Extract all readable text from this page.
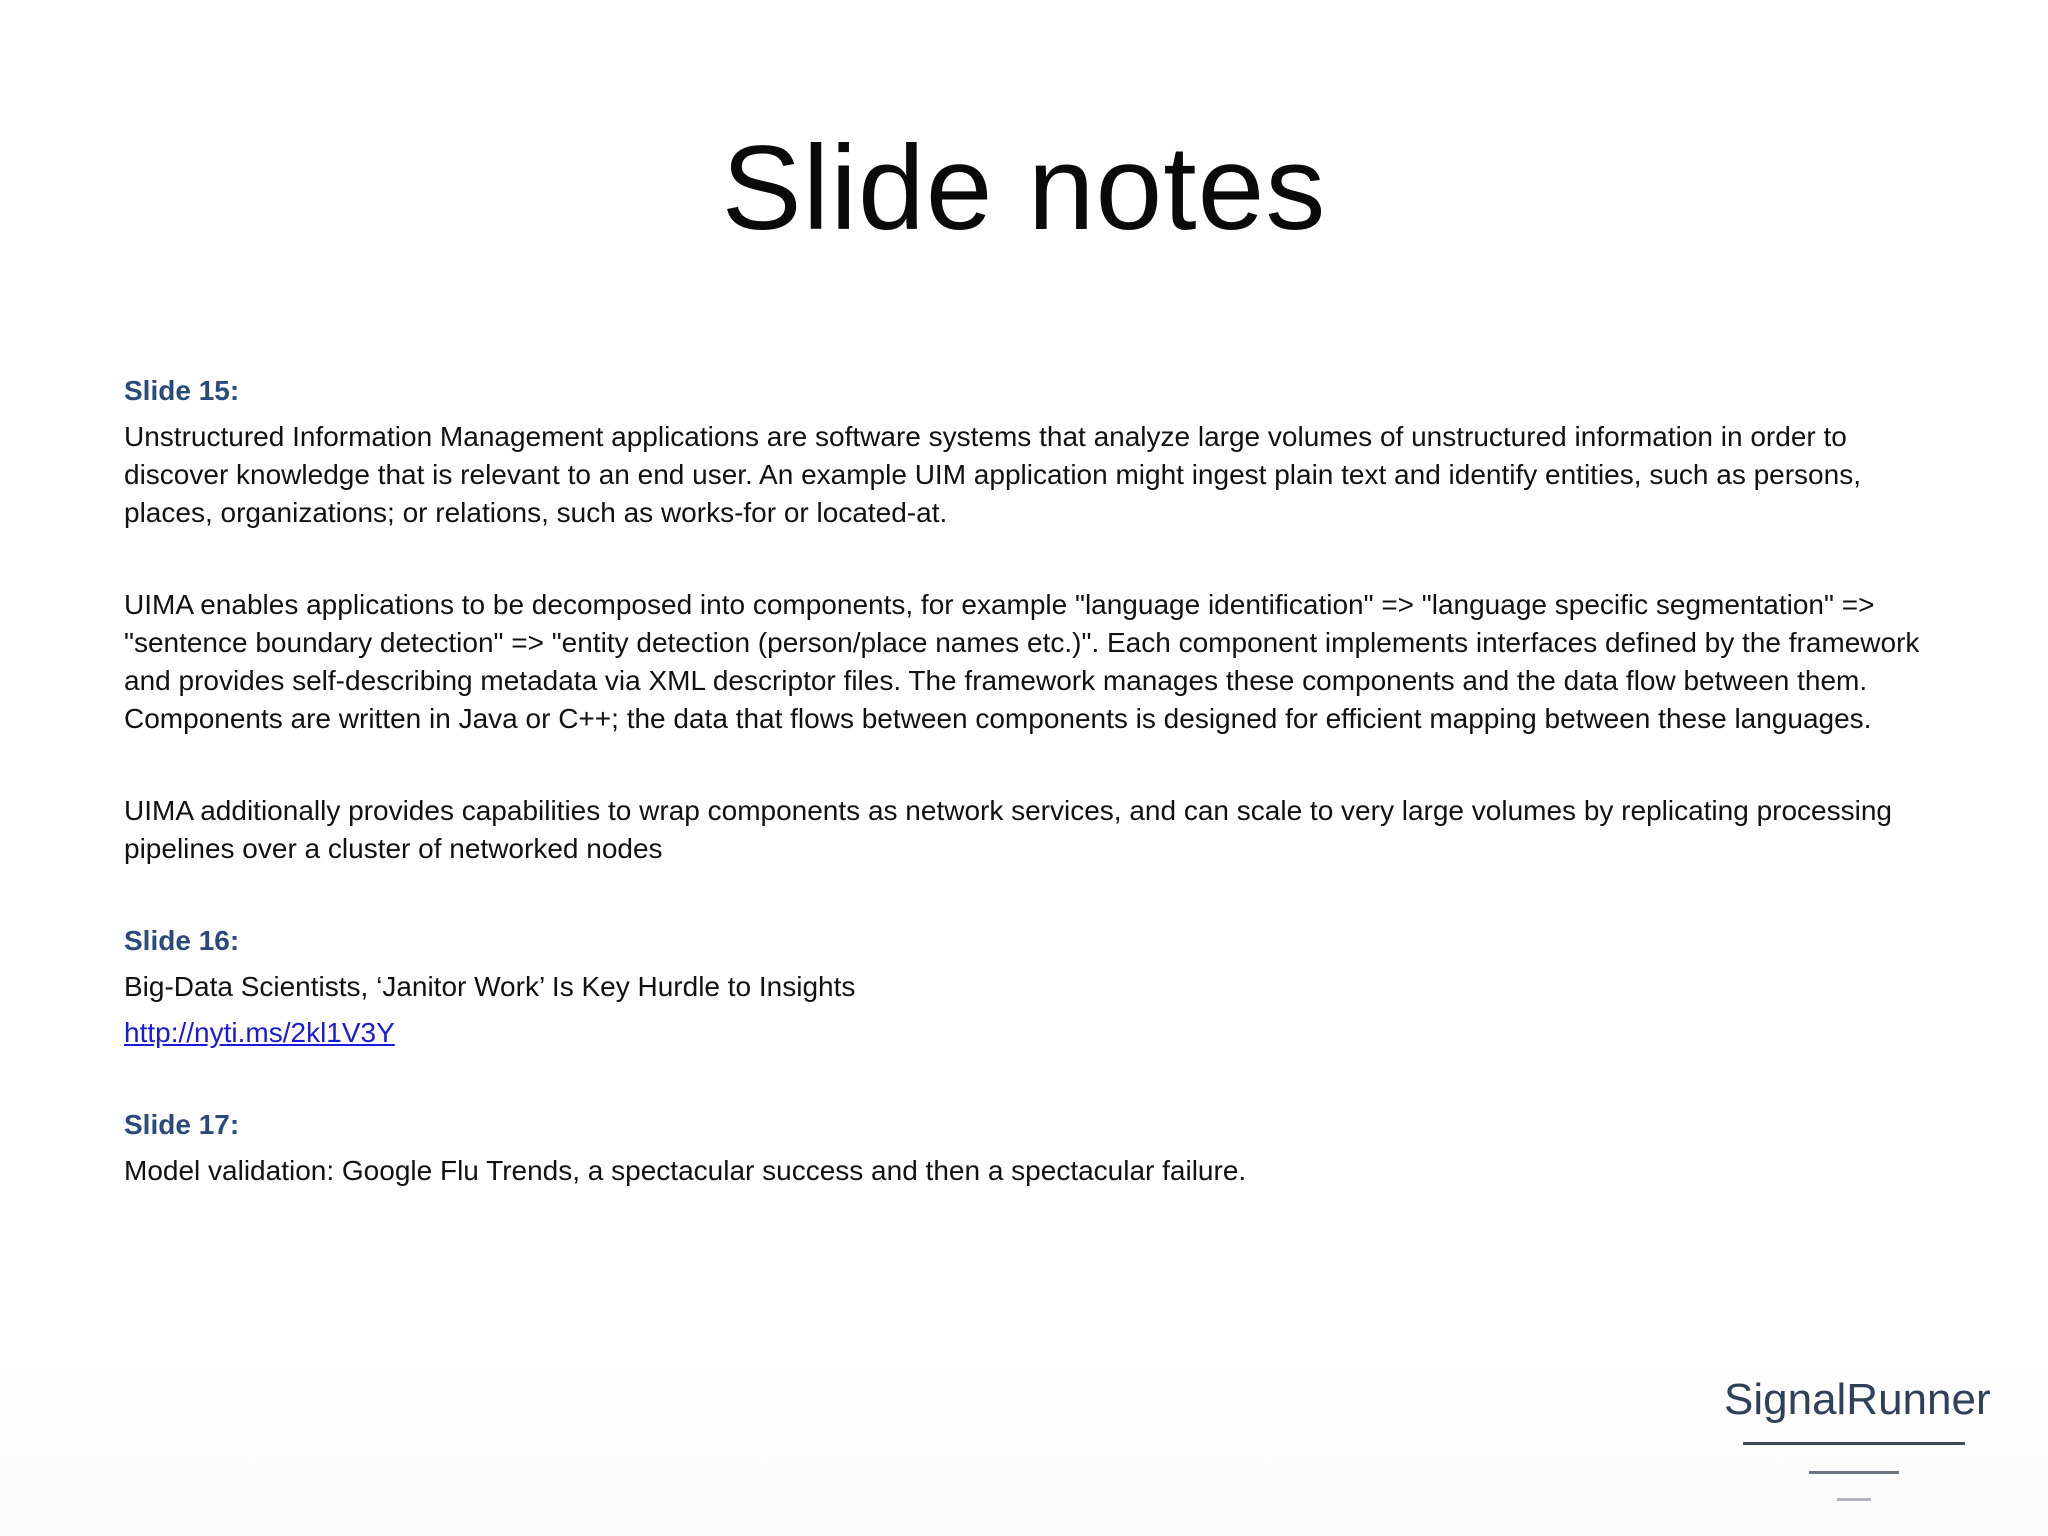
Slide notes
Slide 15:

Unstructured Information Management applications are software systems that analyze large volumes of unstructured information in order to discover knowledge that is relevant to an end user. An example UIM application might ingest plain text and identify entities, such as persons, places, organizations; or relations, such as works-for or located-at.

UIMA enables applications to be decomposed into components, for example "language identification" => "language specific segmentation" => "sentence boundary detection" => "entity detection (person/place names etc.)". Each component implements interfaces defined by the framework and provides self-describing metadata via XML descriptor files. The framework manages these components and the data flow between them. Components are written in Java or C++; the data that flows between components is designed for efficient mapping between these languages.

UIMA additionally provides capabilities to wrap components as network services, and can scale to very large volumes by replicating processing pipelines over a cluster of networked nodes

Slide 16:

Big-Data Scientists, ‘Janitor Work’ Is Key Hurdle to Insights

http://nyti.ms/2kl1V3Y
Slide 17:

Model validation: Google Flu Trends, a spectacular success and then a spectacular failure.

SignalRunner
